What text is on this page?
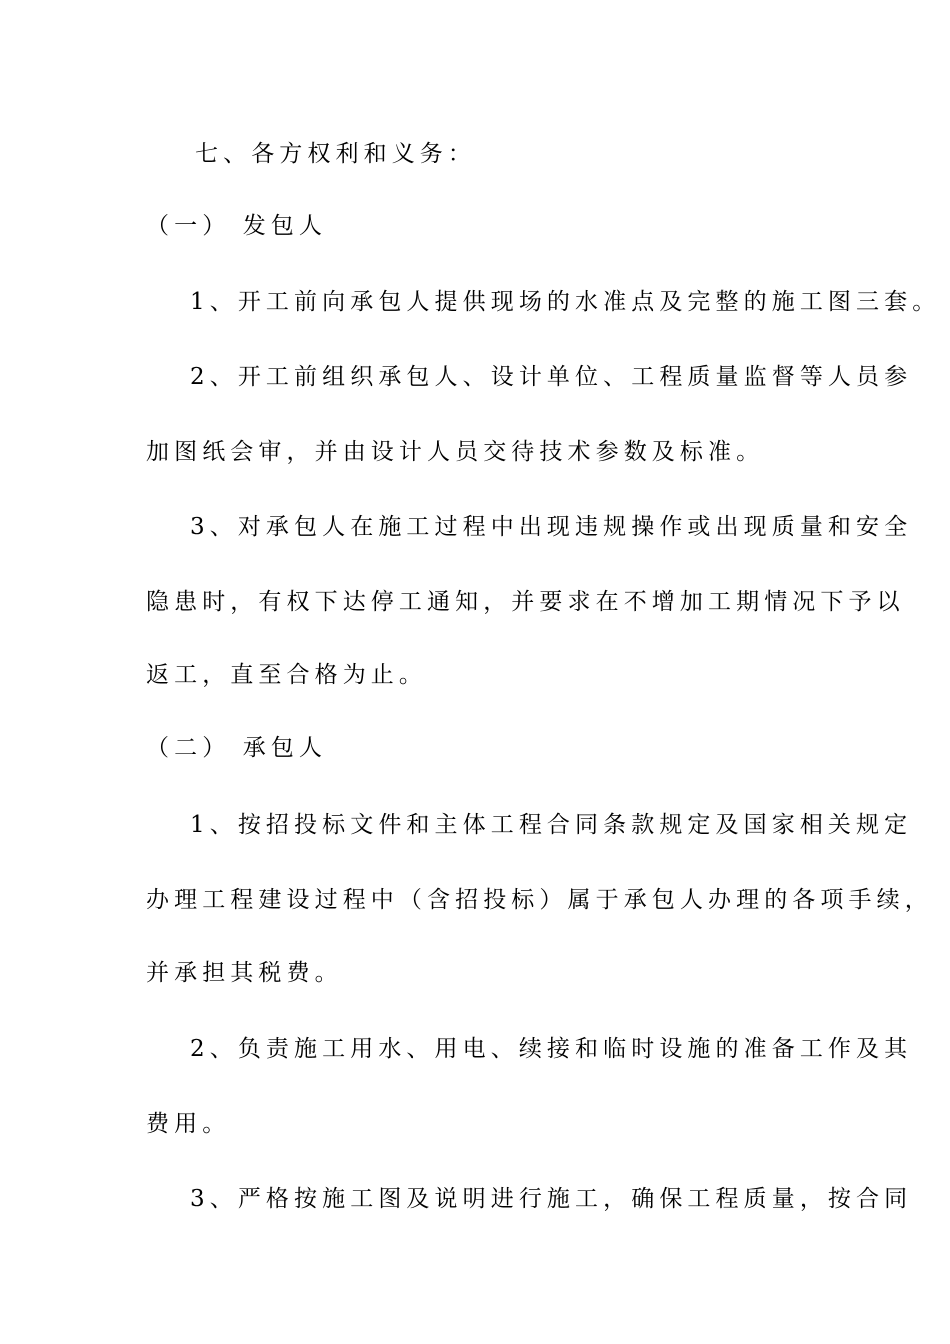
七、各方权利和义务：
（一） 发包人
1、开工前向承包人提供现场的水准点及完整的施工图三套。
2、开工前组织承包人、设计单位、工程质量监督等人员参
加图纸会审，并由设计人员交待技术参数及标准。
3、对承包人在施工过程中出现违规操作或出现质量和安全
隐患时，有权下达停工通知，并要求在不增加工期情况下予以
返工，直至合格为止。
（二） 承包人
1、按招投标文件和主体工程合同条款规定及国家相关规定
办理工程建设过程中（含招投标）属于承包人办理的各项手续，
并承担其税费。
2、负责施工用水、用电、续接和临时设施的准备工作及其
费用。
3、严格按施工图及说明进行施工，确保工程质量，按合同
